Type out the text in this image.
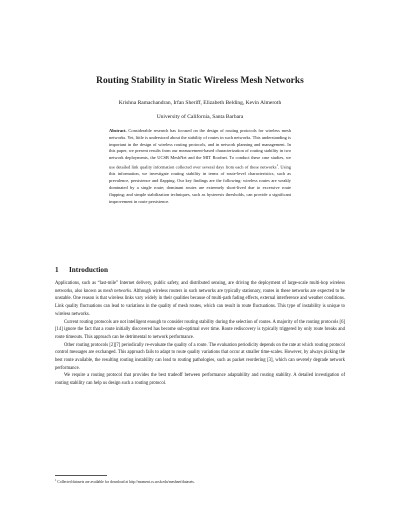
Routing Stability in Static Wireless Mesh Networks
Krishna Ramachandran, Irfan Sheriff, Elizabeth Belding, Kevin Almeroth
University of California, Santa Barbara
Abstract. Considerable research has focused on the design of routing protocols for wireless mesh networks. Yet, little is understood about the stability of routes in such networks. This understanding is important in the design of wireless routing protocols, and in network planning and management. In this paper, we present results from our measurement-based characterization of routing stability in two network deployments, the UCSB MeshNet and the MIT Roofnet. To conduct these case studies, we use detailed link quality information collected over several days from each of these networks$^1$. Using this information, we investigate routing stability in terms of route-level characteristics, such as prevalence, persistence and flapping. Our key findings are the following: wireless routes are weakly dominated by a single route; dominant routes are extremely short-lived due to excessive route flapping; and simple stabilization techniques, such as hysteresis thresholds, can provide a significant improvement in route persistence.
1 Introduction

Applications, such as “last-mile” Internet delivery, public safety, and distributed sensing, are driving the deployment of large-scale multi-hop wireless networks, also known as mesh networks. Although wireless routers in such networks are typically stationary, routes in these networks are expected to be unstable. One reason is that wireless links vary widely in their qualities because of multi-path fading effects, external interference and weather conditions. Link quality fluctuations can lead to variations in the quality of mesh routes, which can result in route fluctuations. This type of instability is unique to wireless networks.

Current routing protocols are not intelligent enough to consider routing stability during the selection of routes. A majority of the routing protocols [6] [14] ignore the fact that a route initially discovered has become sub-optimal over time. Route rediscovery is typically triggered by only route breaks and route timeouts. This approach can be detrimental to network performance.

Other routing protocols [2][7] periodically re-evaluate the quality of a route. The evaluation periodicity depends on the rate at which routing protocol control messages are exchanged. This approach fails to adapt to route quality variations that occur at smaller time-scales. However, by always picking the best route available, the resulting routing instability can lead to routing pathologies, such as packet reordering [3], which can severely degrade network performance.

We require a routing protocol that provides the best tradeoff between performance adaptability and routing stability. A detailed investigation of routing stability can help us design such a routing protocol.

$^1$ Collected datasets are available for download at http://moment.cs.ucsb.edu/meshnet/datasets.
